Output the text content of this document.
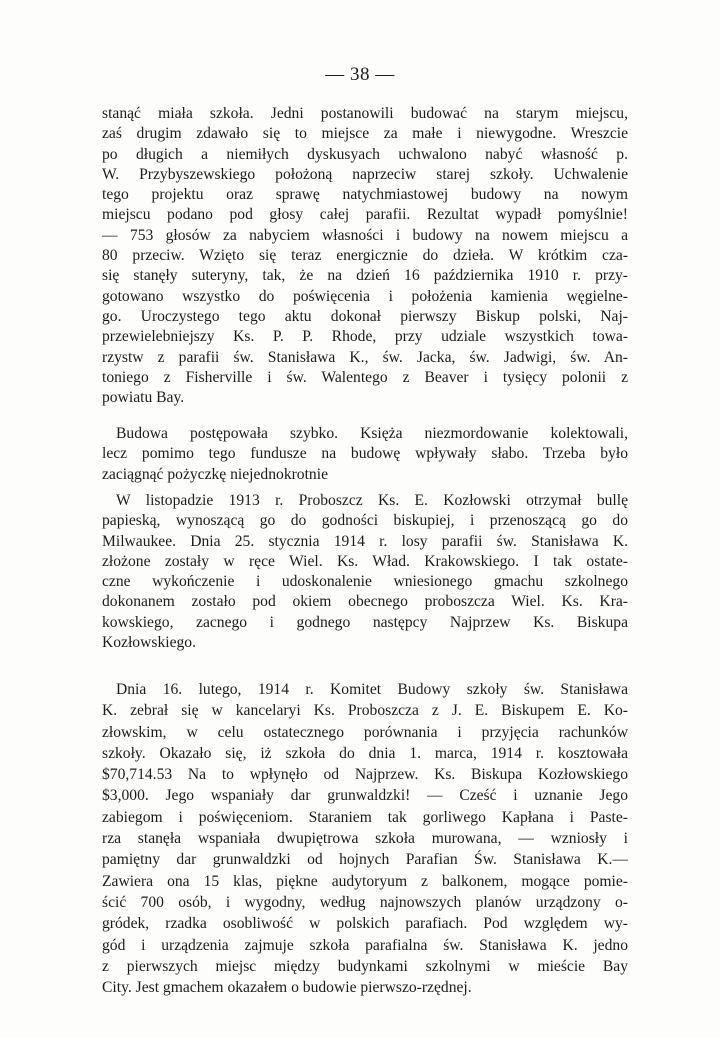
— 38 —
stanąć miała szkoła. Jedni postanowili budować na starym miejscu,
zaś drugim zdawało się to miejsce za małe i niewygodne. Wreszcie
po długich a niemiłych dyskusyach uchwalono nabyć własność p.
W. Przybyszewskiego położoną naprzeciw starej szkoły. Uchwalenie
tego projektu oraz sprawę natychmiastowej budowy na nowym
miejscu podano pod głosy całej parafii. Rezultat wypadł pomyślnie!
— 753 głosów za nabyciem własności i budowy na nowem miejscu a
80 przeciw. Wzięto się teraz energicznie do dzieła. W krótkim cza-
się stanęły suteryny, tak, że na dzień 16 października 1910 r. przy-
gotowano wszystko do poświęcenia i położenia kamienia węgielne-
go. Uroczystego tego aktu dokonał pierwszy Biskup polski, Naj-
przewielebniejszy Ks. P. P. Rhode, przy udziale wszystkich towa-
rzystw z parafii św. Stanisława K., św. Jacka, św. Jadwigi, św. An-
toniego z Fisherville i św. Walentego z Beaver i tysięcy polonii z
powiatu Bay.
Budowa postępowała szybko. Księża niezmordowanie kolektowali,
lecz pomimo tego fundusze na budowę wpływały słabo. Trzeba było
zaciągnąć pożyczkę niejednokrotnie
W listopadzie 1913 r. Proboszcz Ks. E. Kozłowski otrzymał bullę
papieską, wynoszącą go do godności biskupiej, i przenoszącą go do
Milwaukee. Dnia 25. stycznia 1914 r. losy parafii św. Stanisława K.
złożone zostały w ręce Wiel. Ks. Wład. Krakowskiego. I tak ostate-
czne wykończenie i udoskonalenie wniesionego gmachu szkolnego
dokonanem zostało pod okiem obecnego proboszcza Wiel. Ks. Kra-
kowskiego, zacnego i godnego następcy Najprzew Ks. Biskupa
Kozłowskiego.
Dnia 16. lutego, 1914 r. Komitet Budowy szkoły św. Stanisława
K. zebrał się w kancelaryi Ks. Proboszcza z J. E. Biskupem E. Ko-
złowskim, w celu ostatecznego porównania i przyjęcia rachunków
szkoły. Okazało się, iż szkoła do dnia 1. marca, 1914 r. kosztowała
$70,714.53 Na to wpłynęło od Najprzew. Ks. Biskupa Kozłowskiego
$3,000. Jego wspaniały dar grunwaldzki! — Cześć i uznanie Jego
zabiegom i poświęceniom. Staraniem tak gorliwego Kapłana i Paste-
rza stanęła wspaniała dwupiętrowa szkoła murowana, — wzniosły i
pamiętny dar grunwaldzki od hojnych Parafian Św. Stanisława K.—
Zawiera ona 15 klas, piękne audytoryum z balkonem, mogące pomie-
ścić 700 osób, i wygodny, według najnowszych planów urządzony o-
gródek, rzadka osobliwość w polskich parafiach. Pod względem wy-
gód i urządzenia zajmuje szkoła parafialna św. Stanisława K. jedno
z pierwszych miejsc między budynkami szkolnymi w mieście Bay
City. Jest gmachem okazałem o budowie pierwszo-rzędnej.
